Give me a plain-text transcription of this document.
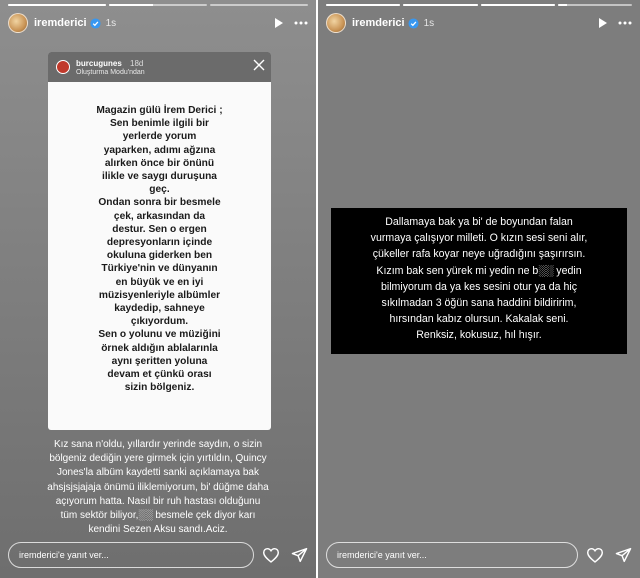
iremderici 1s
burcugunes 18d
Oluşturma Modu'ndan
Magazin gülü İrem Derici ;
Sen benimle ilgili bir
yerlerde yorum
yaparken, adımı ağzına
alırken önce bir önünü
ilikle ve saygı duruşuna
geç.
Ondan sonra bir besmele
çek, arkasından da
destur. Sen o ergen
depresyonların içinde
okuluna giderken ben
Türkiye'nin ve dünyanın
en büyük ve en iyi
müzisyenleriyle albümler
kaydedip, sahneye
çıkıyordum.
Sen o yolunu ve müziğini
örnek aldığın ablalarınla
aynı şeritten yoluna
devam et çünkü orası
sizin bölgeniz.
Kız sana n'oldu, yıllardır yerinde saydın, o sizin
bölgeniz dediğin yere girmek için yırtıldın, Quincy
Jones'la albüm kaydetti sanki açıklamaya bak
ahsjsjsjajaja önümü iliklemiyorum, bi' düğme daha
açıyorum hatta. Nasıl bir ruh hastası olduğunu
tüm sektör biliyor,░░ besmele çek diyor karı
kendini Sezen Aksu sandı.Aciz.
iremderici'e yanıt ver...
iremderici 1s
Dallamaya bak ya bi' de boyundan falan
vurmaya çalışıyor milleti. O kızın sesi seni alır,
çükeller rafa koyar neye uğradığını şaşırırsın.
Kızım bak sen yürek mi yedin ne b░░ yedin
bilmiyorum da ya kes sesini otur ya da hiç
sıkılmadan 3 öğün sana haddini bildiririm,
hırsından kabız olursun. Kakalak seni.
Renksiz, kokusuz, hıl hışır.
iremderici'e yanıt ver...
